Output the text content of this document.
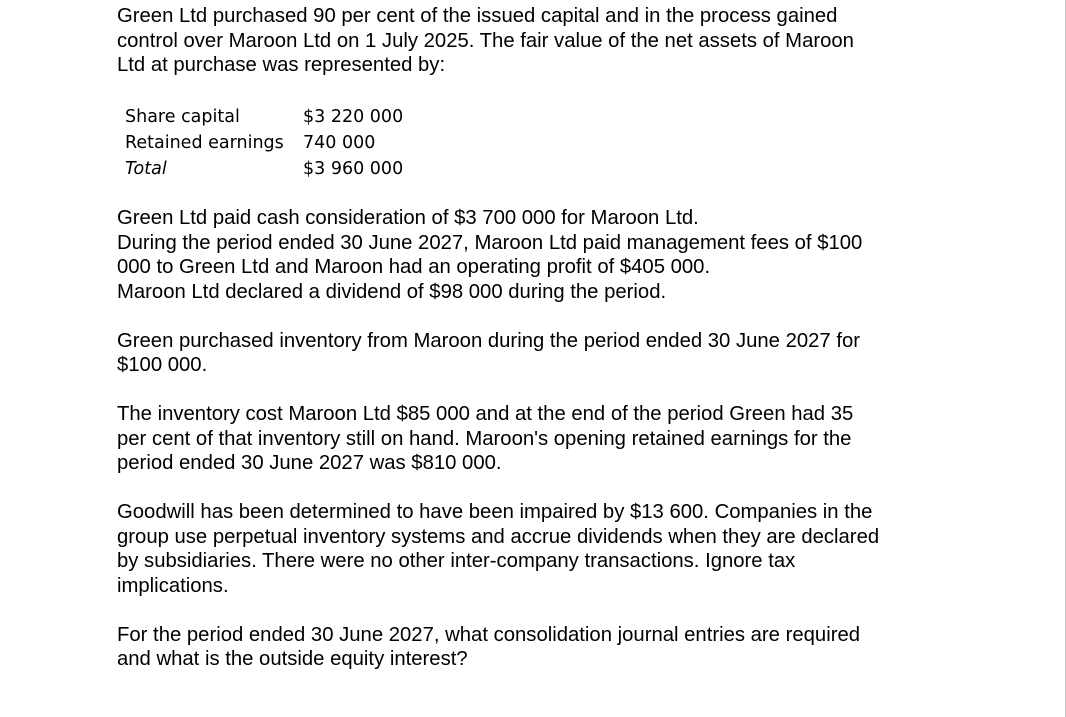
Green Ltd purchased 90 per cent of the issued capital and in the process gained
control over Maroon Ltd on 1 July 2025. The fair value of the net assets of Maroon
Ltd at purchase was represented by:

Share capital	$3 220 000
Retained earnings	740 000
Total	$3 960 000

Green Ltd paid cash consideration of $3 700 000 for Maroon Ltd.
During the period ended 30 June 2027, Maroon Ltd paid management fees of $100
000 to Green Ltd and Maroon had an operating profit of $405 000.
Maroon Ltd declared a dividend of $98 000 during the period.

Green purchased inventory from Maroon during the period ended 30 June 2027 for
$100 000.

The inventory cost Maroon Ltd $85 000 and at the end of the period Green had 35
per cent of that inventory still on hand. Maroon's opening retained earnings for the
period ended 30 June 2027 was $810 000.

Goodwill has been determined to have been impaired by $13 600. Companies in the
group use perpetual inventory systems and accrue dividends when they are declared
by subsidiaries. There were no other inter-company transactions. Ignore tax
implications.

For the period ended 30 June 2027, what consolidation journal entries are required
and what is the outside equity interest?
